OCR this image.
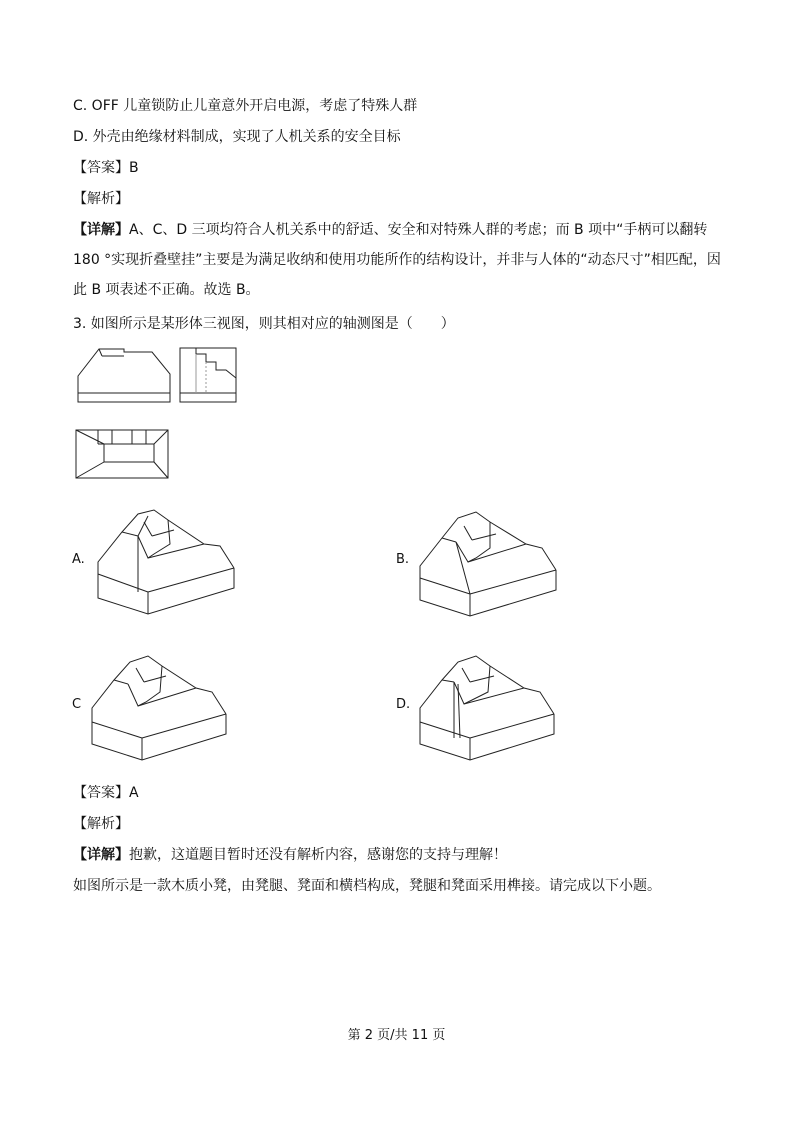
C. OFF 儿童锁防止儿童意外开启电源，考虑了特殊人群
D. 外壳由绝缘材料制成，实现了人机关系的安全目标
【答案】B
【解析】
【详解】A、C、D 三项均符合人机关系中的舒适、安全和对特殊人群的考虑；而 B 项中“手柄可以翻转 180 °实现折叠壁挂”主要是为满足收纳和使用功能所作的结构设计，并非与人体的“动态尺寸”相匹配，因此 B 项表述不正确。故选 B。
3. 如图所示是某形体三视图，则其相对应的轴测图是（　　）
A.	B.
C	D.
【答案】A
【解析】
【详解】抱歉，这道题目暂时还没有解析内容，感谢您的支持与理解！
如图所示是一款木质小凳，由凳腿、凳面和横档构成，凳腿和凳面采用榫接。请完成以下小题。
第 2 页/共 11 页
